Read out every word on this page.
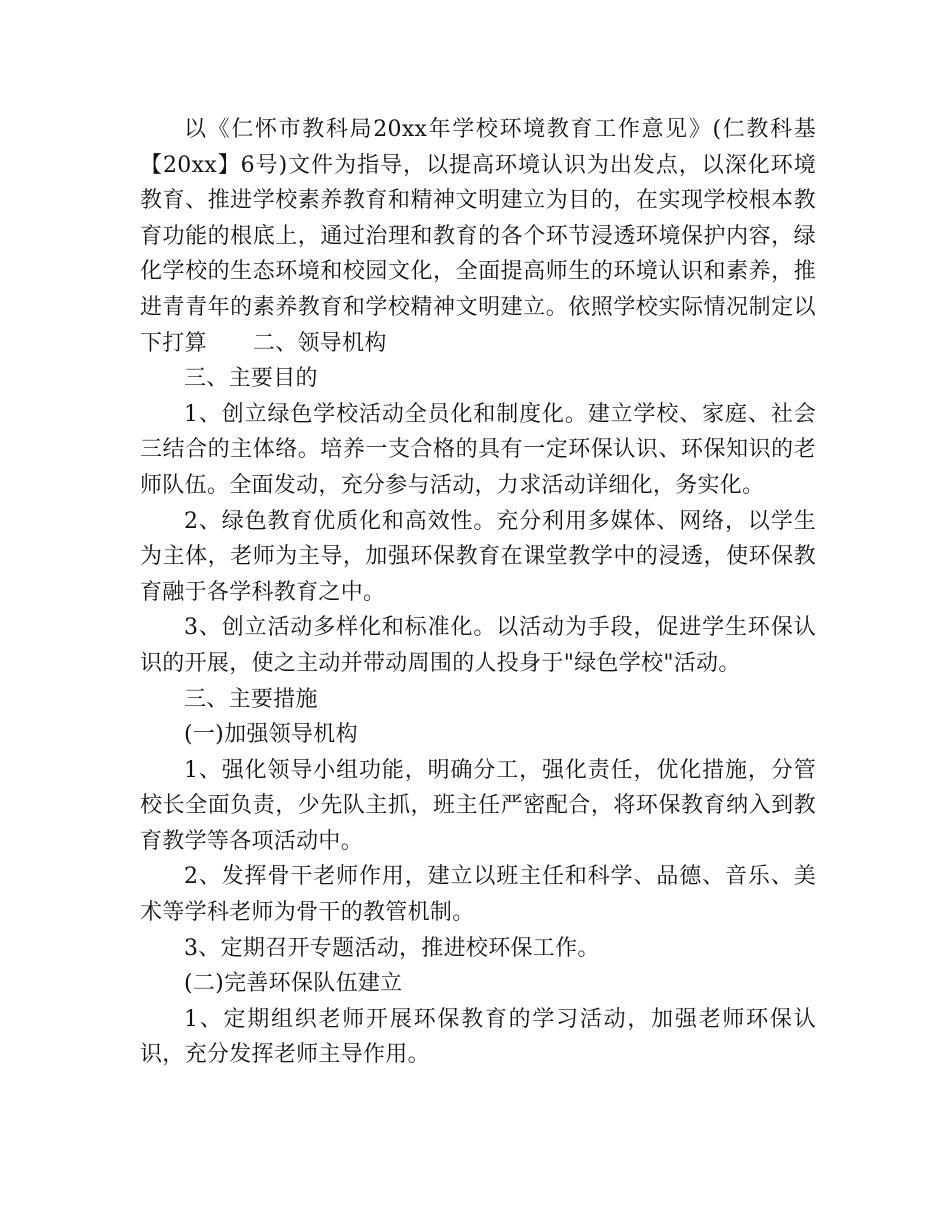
以《仁怀市教科局20xx年学校环境教育工作意见》(仁教科基【20xx】6号)文件为指导，以提高环境认识为出发点，以深化环境教育、推进学校素养教育和精神文明建立为目的，在实现学校根本教育功能的根底上，通过治理和教育的各个环节浸透环境保护内容，绿化学校的生态环境和校园文化，全面提高师生的环境认识和素养，推进青青年的素养教育和学校精神文明建立。依照学校实际情况制定以下打算 二、领导机构

三、主要目的

1、创立绿色学校活动全员化和制度化。建立学校、家庭、社会三结合的主体络。培养一支合格的具有一定环保认识、环保知识的老师队伍。全面发动，充分参与活动，力求活动详细化，务实化。

2、绿色教育优质化和高效性。充分利用多媒体、网络，以学生为主体，老师为主导，加强环保教育在课堂教学中的浸透，使环保教育融于各学科教育之中。

3、创立活动多样化和标准化。以活动为手段，促进学生环保认识的开展，使之主动并带动周围的人投身于"绿色学校"活动。

三、主要措施

(一)加强领导机构

1、强化领导小组功能，明确分工，强化责任，优化措施，分管校长全面负责，少先队主抓，班主任严密配合，将环保教育纳入到教育教学等各项活动中。

2、发挥骨干老师作用，建立以班主任和科学、品德、音乐、美术等学科老师为骨干的教管机制。

3、定期召开专题活动，推进校环保工作。

(二)完善环保队伍建立

1、定期组织老师开展环保教育的学习活动，加强老师环保认识，充分发挥老师主导作用。
